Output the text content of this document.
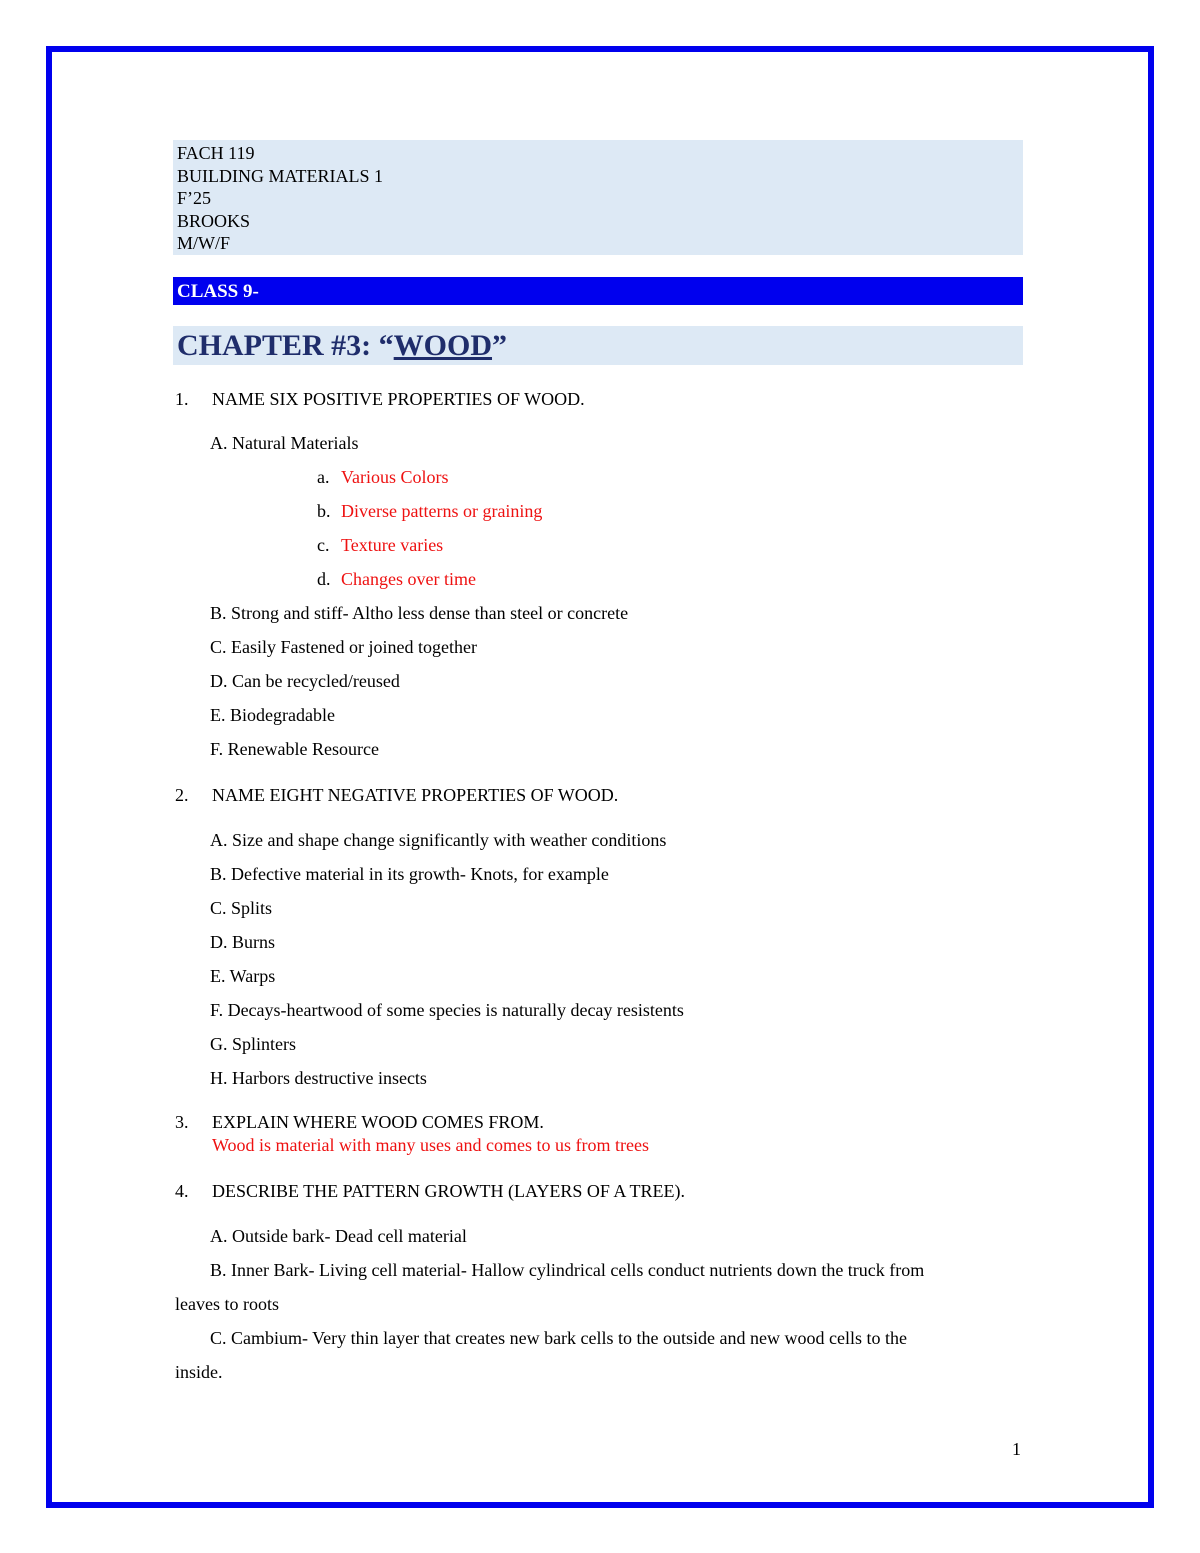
FACH 119
BUILDING MATERIALS 1
F’25
BROOKS
M/W/F
CLASS 9-
CHAPTER #3: “WOOD”
1. NAME SIX POSITIVE PROPERTIES OF WOOD.
A. Natural Materials
a. Various Colors
b. Diverse patterns or graining
c. Texture varies
d. Changes over time
B. Strong and stiff- Altho less dense than steel or concrete
C. Easily Fastened or joined together
D. Can be recycled/reused
E. Biodegradable
F. Renewable Resource
2. NAME EIGHT NEGATIVE PROPERTIES OF WOOD.
A. Size and shape change significantly with weather conditions
B. Defective material in its growth- Knots, for example
C. Splits
D. Burns
E. Warps
F. Decays-heartwood of some species is naturally decay resistents
G. Splinters
H. Harbors destructive insects
3. EXPLAIN WHERE WOOD COMES FROM.
Wood is material with many uses and comes to us from trees
4. DESCRIBE THE PATTERN GROWTH (LAYERS OF A TREE).
A. Outside bark- Dead cell material
B. Inner Bark- Living cell material- Hallow cylindrical cells conduct nutrients down the truck from
leaves to roots
C. Cambium- Very thin layer that creates new bark cells to the outside and new wood cells to the
inside.
1
